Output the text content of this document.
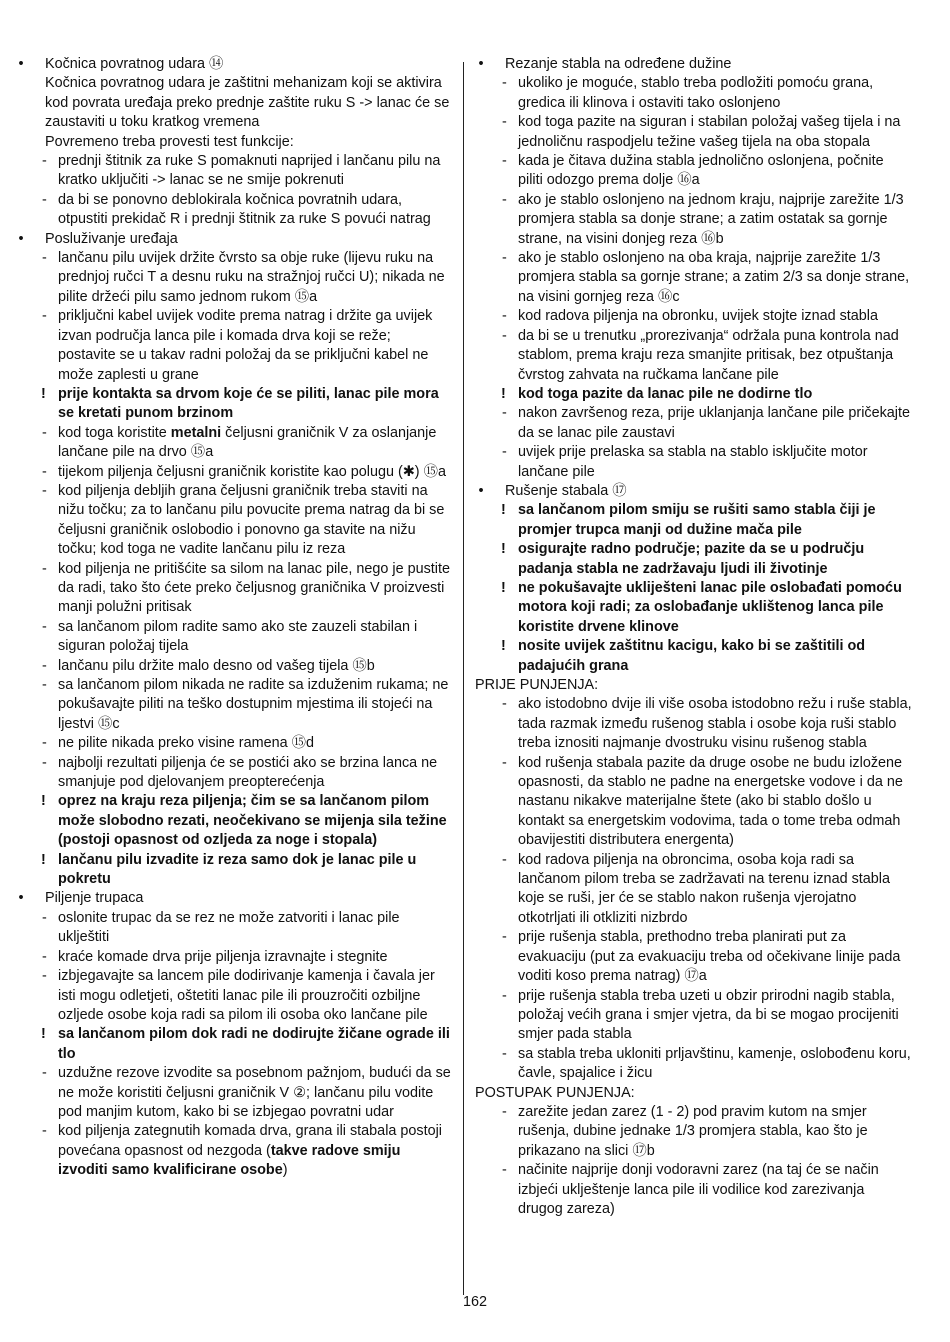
• Kočnica povratnog udara ⑭
Kočnica povratnog udara je zaštitni mehanizam koji se aktivira kod povrata uređaja preko prednje zaštite ruku S -> lanac će se zaustaviti u toku kratkog vremena
Povremeno treba provesti test funkcije:
- prednji štitnik za ruke S pomaknuti naprijed i lančanu pilu na kratko uključiti -> lanac se ne smije pokrenuti
- da bi se ponovno deblokirala kočnica povratnih udara, otpustiti prekidač R i prednji štitnik za ruke S povući natrag
• Posluživanje uređaja
- lančanu pilu uvijek držite čvrsto sa obje ruke (lijevu ruku na prednjoj ručci T a desnu ruku na stražnjoj ručci U); nikada ne pilite držeći pilu samo jednom rukom ⑮a
- priključni kabel uvijek vodite prema natrag i držite ga uvijek izvan područja lanca pile i komada drva koji se reže; postavite se u takav radni položaj da se priključni kabel ne može zaplesti u grane
! prije kontakta sa drvom koje će se piliti, lanac pile mora se kretati punom brzinom
- kod toga koristite metalni čeljusni graničnik V za oslanjanje lančane pile na drvo ⑮a
- tijekom piljenja čeljusni graničnik koristite kao polugu (✱) ⑮a
- kod piljenja debljih grana čeljusni graničnik treba staviti na nižu točku; za to lančanu pilu povucite prema natrag da bi se čeljusni graničnik oslobodio i ponovno ga stavite na nižu točku; kod toga ne vadite lančanu pilu iz reza
- kod piljenja ne pritišćite sa silom na lanac pile, nego je pustite da radi, tako što ćete preko čeljusnog graničnika V proizvesti manji polužni pritisak
- sa lančanom pilom radite samo ako ste zauzeli stabilan i siguran položaj tijela
- lančanu pilu držite malo desno od vašeg tijela ⑮b
- sa lančanom pilom nikada ne radite sa izduženim rukama; ne pokušavajte piliti na teško dostupnim mjestima ili stojeći na ljestvi ⑮c
- ne pilite nikada preko visine ramena ⑮d
- najbolji rezultati piljenja će se postići ako se brzina lanca ne smanjuje pod djelovanjem preopterećenja
! oprez na kraju reza piljenja; čim se sa lančanom pilom može slobodno rezati, neočekivano se mijenja sila težine (postoji opasnost od ozljeda za noge i stopala)
! lančanu pilu izvadite iz reza samo dok je lanac pile u pokretu
• Piljenje trupaca
- oslonite trupac da se rez ne može zatvoriti i lanac pile uklještiti
- kraće komade drva prije piljenja izravnajte i stegnite
- izbjegavajte sa lancem pile dodirivanje kamenja i čavala jer isti mogu odletjeti, oštetiti lanac pile ili prouzročiti ozbiljne ozljede osobe koja radi sa pilom ili osoba oko lančane pile
! sa lančanom pilom dok radi ne dodirujte žičane ograde ili tlo
- uzdužne rezove izvodite sa posebnom pažnjom, budući da se ne može koristiti čeljusni graničnik V ②; lančanu pilu vodite pod manjim kutom, kako bi se izbjegao povratni udar
- kod piljenja zategnutih komada drva, grana ili stabala postoji povećana opasnost od nezgoda (takve radove smiju izvoditi samo kvalificirane osobe)
• Rezanje stabla na određene dužine
- ukoliko je moguće, stablo treba podložiti pomoću grana, gredica ili klinova i ostaviti tako oslonjeno
- kod toga pazite na siguran i stabilan položaj vašeg tijela i na jednoličnu raspodjelu težine vašeg tijela na oba stopala
- kada je čitava dužina stabla jednolično oslonjena, počnite piliti odozgo prema dolje ⑯a
- ako je stablo oslonjeno na jednom kraju, najprije zarežite 1/3 promjera stabla sa donje strane; a zatim ostatak sa gornje strane, na visini donjeg reza ⑯b
- ako je stablo oslonjeno na oba kraja, najprije zarežite 1/3 promjera stabla sa gornje strane; a zatim 2/3 sa donje strane, na visini gornjeg reza ⑯c
- kod radova piljenja na obronku, uvijek stojte iznad stabla
- da bi se u trenutku „prorezivanja“ održala puna kontrola nad stablom, prema kraju reza smanjite pritisak, bez otpuštanja čvrstog zahvata na ručkama lančane pile
! kod toga pazite da lanac pile ne dodirne tlo
- nakon završenog reza, prije uklanjanja lančane pile pričekajte da se lanac pile zaustavi
- uvijek prije prelaska sa stabla na stablo isključite motor lančane pile
• Rušenje stabala ⑰
! sa lančanom pilom smiju se rušiti samo stabla čiji je promjer trupca manji od dužine mača pile
! osigurajte radno područje; pazite da se u području padanja stabla ne zadržavaju ljudi ili životinje
! ne pokušavajte ukliješteni lanac pile oslobađati pomoću motora koji radi; za oslobađanje uklištenog lanca pile koristite drvene klinove
! nosite uvijek zaštitnu kacigu, kako bi se zaštitili od padajućih grana
PRIJE PUNJENJA:
- ako istodobno dvije ili više osoba istodobno režu i ruše stabla, tada razmak između rušenog stabla i osobe koja ruši stablo treba iznositi najmanje dvostruku visinu rušenog stabla
- kod rušenja stabala pazite da druge osobe ne budu izložene opasnosti, da stablo ne padne na energetske vodove i da ne nastanu nikakve materijalne štete (ako bi stablo došlo u kontakt sa energetskim vodovima, tada o tome treba odmah obavijestiti distributera energenta)
- kod radova piljenja na obroncima, osoba koja radi sa lančanom pilom treba se zadržavati na terenu iznad stabla koje se ruši, jer će se stablo nakon rušenja vjerojatno otkotrljati ili otkliziti nizbrdo
- prije rušenja stabla, prethodno treba planirati put za evakuaciju (put za evakuaciju treba od očekivane linije pada voditi koso prema natrag) ⑰a
- prije rušenja stabla treba uzeti u obzir prirodni nagib stabla, položaj većih grana i smjer vjetra, da bi se mogao procijeniti smjer pada stabla
- sa stabla treba ukloniti prljavštinu, kamenje, oslobođenu koru, čavle, spajalice i žicu
POSTUPAK PUNJENJA:
- zarežite jedan zarez (1 - 2) pod pravim kutom na smjer rušenja, dubine jednake 1/3 promjera stabla, kao što je prikazano na slici ⑰b
- načinite najprije donji vodoravni zarez (na taj će se način izbjeći uklještenje lanca pile ili vodilice kod zarezivanja drugog zareza)
162
